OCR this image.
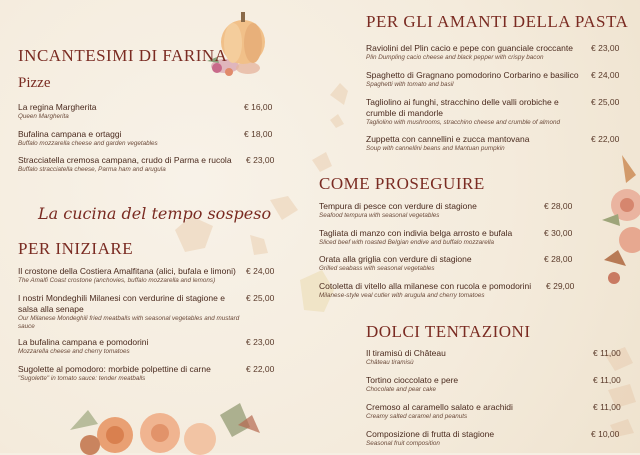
INCANTESIMI DI FARINA
Pizze
La regina Margherita
Queen Margherita
€ 16,00
Bufalina campana e ortaggi
Buffalo mozzarella cheese and garden vegetables
€ 18,00
Stracciatella cremosa campana, crudo di Parma e rucola
Buffalo stracciatella cheese, Parma ham and arugula
€ 23,00
La cucina del tempo sospeso
PER INIZIARE
Il crostone della Costiera Amalfitana (alici, bufala e limoni)
The Amalfi Coast crostone (anchovies, buffalo mozzarella and lemons)
€ 24,00
I nostri Mondeghili Milanesi con verdurine di stagione e salsa alla senape
Our Milanese Mondeghili fried meatballs with seasonal vegetables and mustard sauce
€ 25,00
La bufalina campana e pomodorini
Mozzarella cheese and cherry tomatoes
€ 23,00
Sugolette al pomodoro: morbide polpettine di carne
"Sugolette" in tomato sauce: tender meatballs
€ 22,00
PER GLI AMANTI DELLA PASTA
Raviolini del Plin cacio e pepe con guanciale croccante
Plin Dumpling cacio cheese and black pepper with crispy bacon
€ 23,00
Spaghetto di Gragnano pomodorino Corbarino e basilico
Spaghetti with tomato and basil
€ 24,00
Tagliolino ai funghi, stracchino delle valli orobiche e crumble di mandorle
Tagliolino with mushrooms, stracchino cheese and crumble of almond
€ 25,00
Zuppetta con cannellini e zucca mantovana
Soup with cannellini beans and Mantuan pumpkin
€ 22,00
COME PROSEGUIRE
Tempura di pesce con verdure di stagione
Seafood tempura with seasonal vegetables
€ 28,00
Tagliata di manzo con indivia belga arrosto e bufala
Sliced beef with roasted Belgian endive and buffalo mozzarella
€ 30,00
Orata alla griglia con verdure di stagione
Grilled seabass with seasonal vegetables
€ 28,00
Cotoletta di vitello alla milanese con rucola e pomodorini
Milanese-style veal cutler with arugula and cherry tomatoes
€ 29,00
DOLCI TENTAZIONI
Il tiramisù di Château
Château tiramisù
€ 11,00
Tortino cioccolato e pere
Chocolate and pear cake
€ 11,00
Cremoso al caramello salato e arachidi
Creamy salted caramel and peanuts
€ 11,00
Composizione di frutta di stagione
Seasonal fruit composition
€ 10,00
